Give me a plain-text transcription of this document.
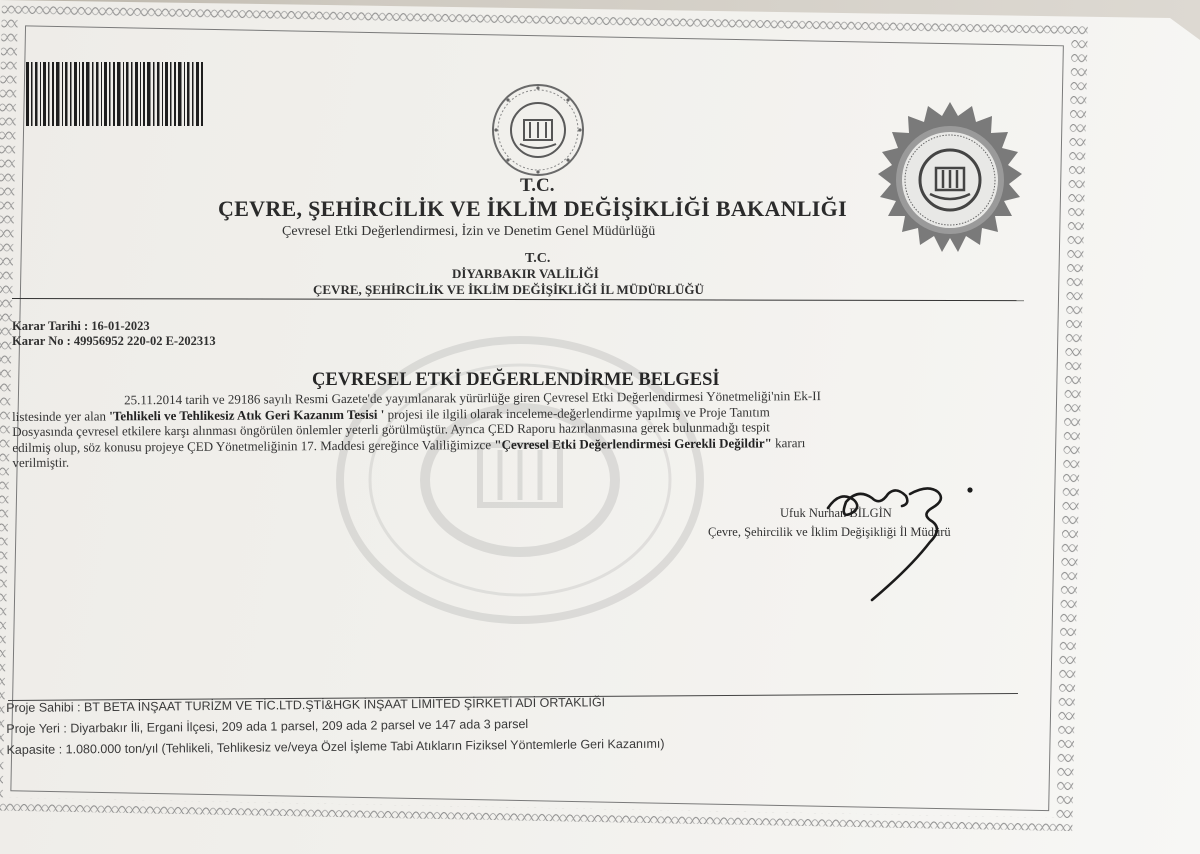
T.C.
ÇEVRE, ŞEHİRCİLİK VE İKLİM DEĞİŞİKLİĞİ BAKANLIĞI
Çevresel Etki Değerlendirmesi, İzin ve Denetim Genel Müdürlüğü
T.C.
DİYARBAKIR VALİLİĞİ
ÇEVRE, ŞEHİRCİLİK VE İKLİM DEĞİŞİKLİĞİ İL MÜDÜRLÜĞÜ
Karar Tarihi : 16-01-2023
Karar No : 49956952 220-02 E-202313
ÇEVRESEL ETKİ DEĞERLENDİRME BELGESİ
25.11.2014 tarih ve 29186 sayılı Resmi Gazete'de yayımlanarak yürürlüğe giren Çevresel Etki Değerlendirmesi Yönetmeliği'nin Ek-II
listesinde yer alan 'Tehlikeli ve Tehlikesiz Atık Geri Kazanım Tesisi ' projesi ile ilgili olarak inceleme-değerlendirme yapılmış ve Proje Tanıtım
Dosyasında çevresel etkilere karşı alınması öngörülen önlemler yeterli görülmüştür. Ayrıca ÇED Raporu hazırlanmasına gerek bulunmadığı tespit
edilmiş olup, söz konusu projeye ÇED Yönetmeliğinin 17. Maddesi gereğince Valiliğimizce "Çevresel Etki Değerlendirmesi Gerekli Değildir" kararı
verilmiştir.
Ufuk Nurhan BİLGİN
Çevre, Şehircilik ve İklim Değişikliği İl Müdürü
Proje Sahibi : BT BETA İNŞAAT TURİZM VE TİC.LTD.ŞTİ&HGK İNŞAAT LİMİTED ŞİRKETİ ADİ ORTAKLIĞI
Proje Yeri : Diyarbakır İli, Ergani İlçesi, 209 ada 1 parsel, 209 ada 2 parsel ve 147 ada 3 parsel
Kapasite : 1.080.000 ton/yıl (Tehlikeli, Tehlikesiz ve/veya Özel İşleme Tabi Atıkların Fiziksel Yöntemlerle Geri Kazanımı)
